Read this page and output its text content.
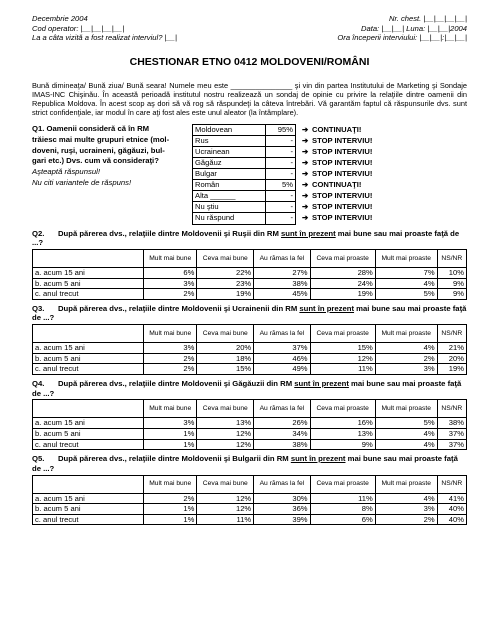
Decembrie 2004
Cod operator: |__|__|__|__|
La a câta vizită a fost realizat interviul? |__|
Nr. chest. |__|__|__|__|
Data: |__|__| Luna: |__|__|2004
Ora începerii interviului: |__|__|:|__|__|
CHESTIONAR ETNO 0412 MOLDOVENI/ROMÂNI

Bună dimineaţa/ Bună ziua/ Bună seara! Numele meu este _______________ şi vin din partea Institutului de Marketing şi Sondaje IMAS-INC Chişinău. În această perioadă institutul nostru realizează un sondaj de opinie cu privire la relaţiile dintre oamenii din Republica Moldova. În acest scop aş dori să vă rog să răspundeţi la câteva întrebări. Vă garantăm faptul că răspunsurile dvs. sunt strict confidenţiale, iar modul în care aţi fost ales este unul aleator (la întâmplare).

Q1. Oamenii consideră că în RM
trăiesc mai multe grupuri etnice (mol-
doveni, ruşi, ucraineni, găgăuzi, bul-
gari etc.) Dvs. cum vă consideraţi?
Aşteaptă răspunsul!
Nu citi variantele de răspuns!
Moldovean	95%	➔ CONTINUAŢI!
Rus	-	➔ STOP INTERVIU!
Ucrainean	-	➔ STOP INTERVIU!
Găgăuz	-	➔ STOP INTERVIU!
Bulgar	-	➔ STOP INTERVIU!
Român	5%	➔ CONTINUAŢI!
Alta ______	-	➔ STOP INTERVIU!
Nu ştiu	-	➔ STOP INTERVIU!
Nu răspund	-	➔ STOP INTERVIU!
Q2. După părerea dvs., relaţiile dintre Moldovenii şi Ruşii din RM sunt în prezent mai bune sau mai proaste faţă de ...?
	Mult mai bune	Ceva mai bune	Au rămas la fel	Ceva mai proaste	Mult mai proaste	NS/NR
a. acum 15 ani	6%	22%	27%	28%	7%	10%
b. acum 5 ani	3%	23%	38%	24%	4%	9%
c. anul trecut	2%	19%	45%	19%	5%	9%
Q3. După părerea dvs., relaţiile dintre Moldovenii şi Ucrainenii din RM sunt în prezent mai bune sau mai proaste faţă de ...?
	Mult mai bune	Ceva mai bune	Au rămas la fel	Ceva mai proaste	Mult mai proaste	NS/NR
a. acum 15 ani	3%	20%	37%	15%	4%	21%
b. acum 5 ani	2%	18%	46%	12%	2%	20%
c. anul trecut	2%	15%	49%	11%	3%	19%
Q4. După părerea dvs., relaţiile dintre Moldovenii şi Găgăuzii din RM sunt în prezent mai bune sau mai proaste faţă de ...?
	Mult mai bune	Ceva mai bune	Au rămas la fel	Ceva mai proaste	Mult mai proaste	NS/NR
a. acum 15 ani	3%	13%	26%	16%	5%	38%
b. acum 5 ani	1%	12%	34%	13%	4%	37%
c. anul trecut	1%	12%	38%	9%	4%	37%
Q5. După părerea dvs., relaţiile dintre Moldovenii şi Bulgarii din RM sunt în prezent mai bune sau mai proaste faţă de ...?
	Mult mai bune	Ceva mai bune	Au rămas la fel	Ceva mai proaste	Mult mai proaste	NS/NR
a. acum 15 ani	2%	12%	30%	11%	4%	41%
b. acum 5 ani	1%	12%	36%	8%	3%	40%
c. anul trecut	1%	11%	39%	6%	2%	40%
